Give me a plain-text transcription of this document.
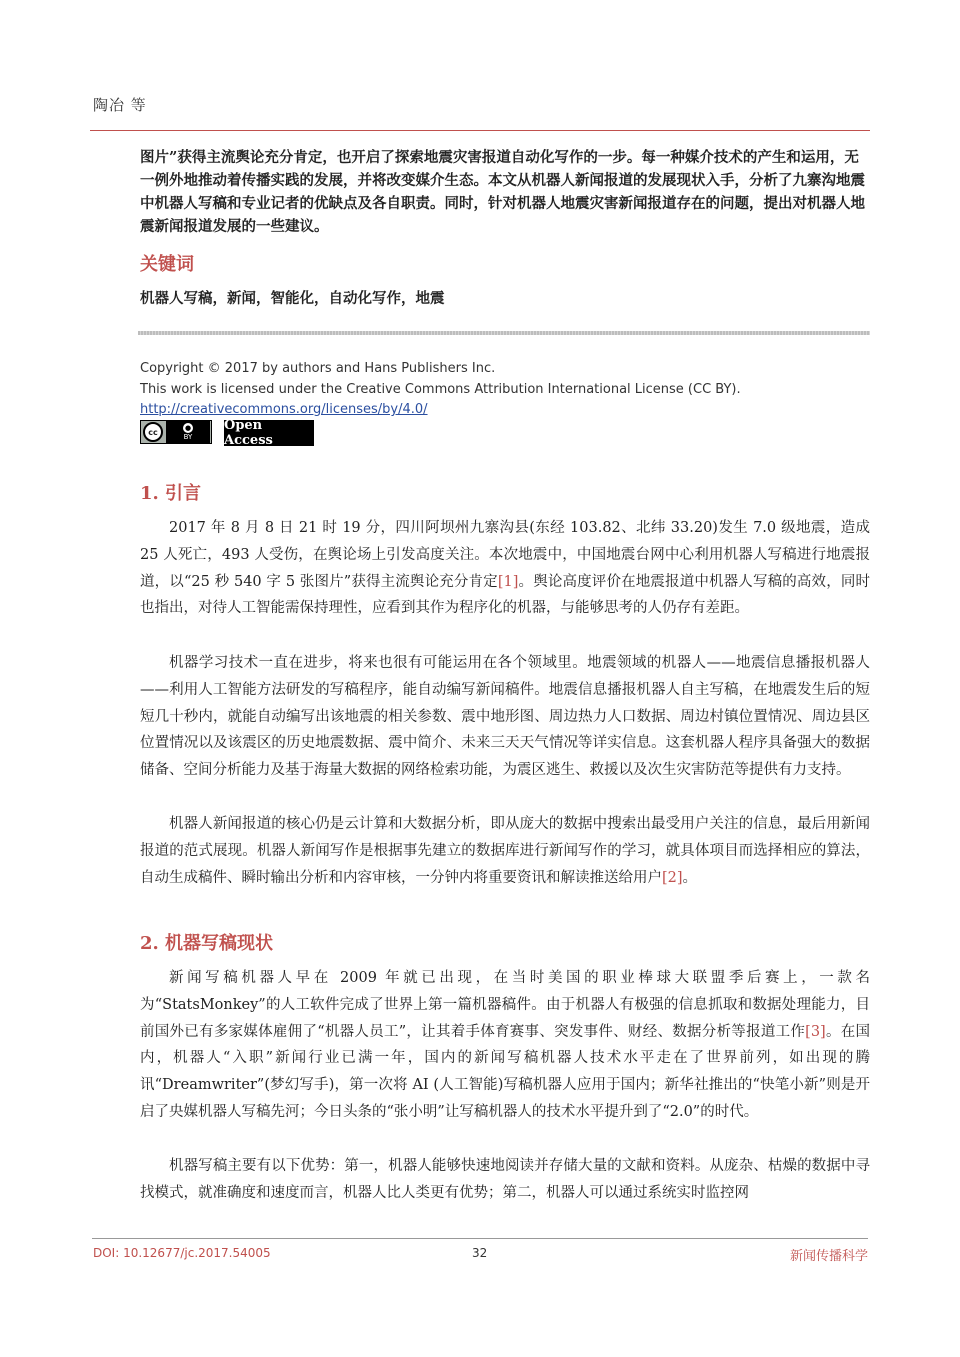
陶冶 等
图片”获得主流舆论充分肯定，也开启了探索地震灾害报道自动化写作的一步。每一种媒介技术的产生和运用，无一例外地推动着传播实践的发展，并将改变媒介生态。本文从机器人新闻报道的发展现状入手，分析了九寨沟地震中机器人写稿和专业记者的优缺点及各自职责。同时，针对机器人地震灾害新闻报道存在的问题，提出对机器人地震新闻报道发展的一些建议。
关键词
机器人写稿，新闻，智能化，自动化写作，地震
Copyright © 2017 by authors and Hans Publishers Inc.
This work is licensed under the Creative Commons Attribution International License (CC BY).
http://creativecommons.org/licenses/by/4.0/
cc	●
BY
Open Access
1. 引言
2017 年 8 月 8 日 21 时 19 分，四川阿坝州九寨沟县(东经 103.82、北纬 33.20)发生 7.0 级地震，造成 25 人死亡，493 人受伤，在舆论场上引发高度关注。本次地震中，中国地震台网中心利用机器人写稿进行地震报道，以“25 秒 540 字 5 张图片”获得主流舆论充分肯定[1]。舆论高度评价在地震报道中机器人写稿的高效，同时也指出，对待人工智能需保持理性，应看到其作为程序化的机器，与能够思考的人仍存有差距。
机器学习技术一直在进步，将来也很有可能运用在各个领域里。地震领域的机器人——地震信息播报机器人——利用人工智能方法研发的写稿程序，能自动编写新闻稿件。地震信息播报机器人自主写稿，在地震发生后的短短几十秒内，就能自动编写出该地震的相关参数、震中地形图、周边热力人口数据、周边村镇位置情况、周边县区位置情况以及该震区的历史地震数据、震中简介、未来三天天气情况等详实信息。这套机器人程序具备强大的数据储备、空间分析能力及基于海量大数据的网络检索功能，为震区逃生、救援以及次生灾害防范等提供有力支持。
机器人新闻报道的核心仍是云计算和大数据分析，即从庞大的数据中搜索出最受用户关注的信息，最后用新闻报道的范式展现。机器人新闻写作是根据事先建立的数据库进行新闻写作的学习，就具体项目而选择相应的算法，自动生成稿件、瞬时输出分析和内容审核，一分钟内将重要资讯和解读推送给用户[2]。
2. 机器写稿现状
新闻写稿机器人早在 2009 年就已出现，在当时美国的职业棒球大联盟季后赛上，一款名为“StatsMonkey”的人工软件完成了世界上第一篇机器稿件。由于机器人有极强的信息抓取和数据处理能力，目前国外已有多家媒体雇佣了“机器人员工”，让其着手体育赛事、突发事件、财经、数据分析等报道工作[3]。在国内，机器人“入职”新闻行业已满一年，国内的新闻写稿机器人技术水平走在了世界前列，如出现的腾讯“Dreamwriter”(梦幻写手)，第一次将 AI (人工智能)写稿机器人应用于国内；新华社推出的“快笔小新”则是开启了央媒机器人写稿先河；今日头条的“张小明”让写稿机器人的技术水平提升到了“2.0”的时代。
机器写稿主要有以下优势：第一，机器人能够快速地阅读并存储大量的文献和资料。从庞杂、枯燥的数据中寻找模式，就准确度和速度而言，机器人比人类更有优势；第二，机器人可以通过系统实时监控网
DOI: 10.12677/jc.2017.54005	32	新闻传播科学
